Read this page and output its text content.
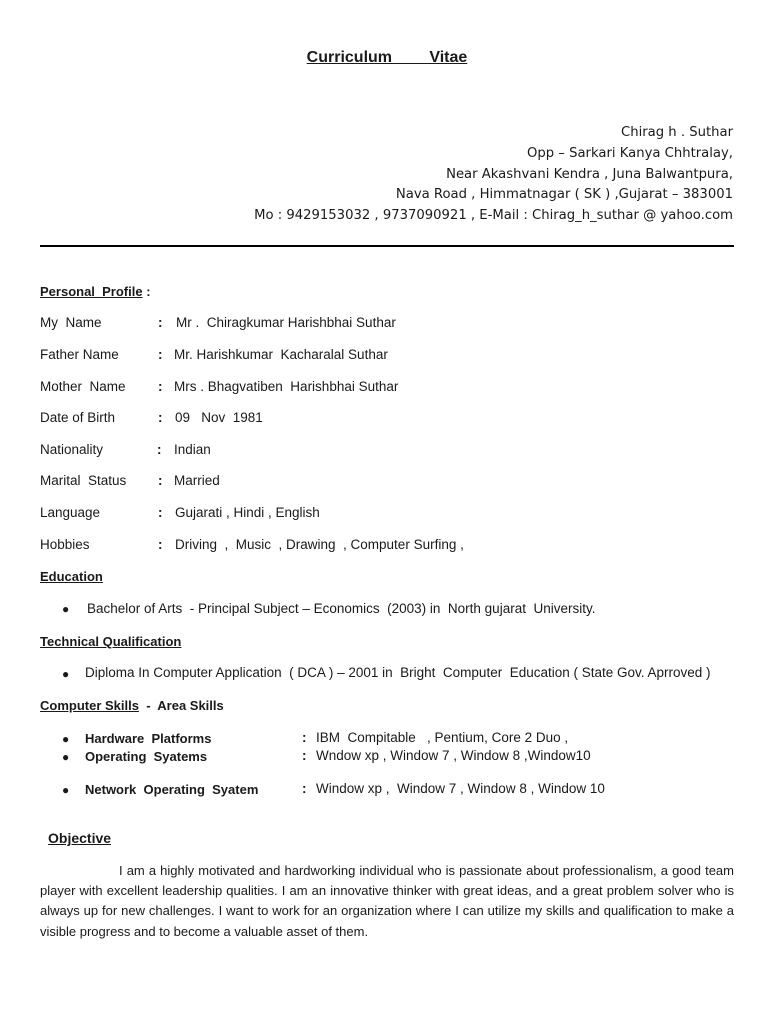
Curriculum   Vitae
Chirag h . Suthar
Opp – Sarkari Kanya Chhtralay,
Near Akashvani Kendra , Juna Balwantpura,
Nava Road , Himmatnagar ( SK ) ,Gujarat – 383001
Mo : 9429153032 , 9737090921 , E-Mail : Chirag_h_suthar @ yahoo.com
Personal  Profile :
My  Name	: Mr .  Chiragkumar Harishbhai Suthar
Father Name	: Mr. Harishkumar  Kacharalal Suthar
Mother  Name : Mrs . Bhagvatiben  Harishbhai Suthar
Date of Birth	: 09   Nov  1981
Nationality	: Indian
Marital  Status : Married
Language	: Gujarati , Hindi , English
Hobbies	: Driving  ,  Music  , Drawing  , Computer Surfing ,
Education
● Bachelor of Arts  - Principal Subject – Economics  (2003) in  North gujarat  University.
Technical Qualification
● Diploma In Computer Application  ( DCA ) – 2001 in  Bright  Computer  Education ( State Gov. Aprroved )
Computer Skills  -  Area Skills
● Hardware  Platforms	: IBM  Compitable   , Pentium, Core 2 Duo ,
● Operating  Syatems	: Wndow xp , Window 7 , Window 8 ,Window10
● Network  Operating  Syatem	: Window xp ,  Window 7 , Window 8 , Window 10
Objective
I am a highly motivated and hardworking individual who is passionate about professionalism, a good team player with excellent leadership qualities. I am an innovative thinker with great ideas, and a great problem solver who is always up for new challenges. I want to work for an organization where I can utilize my skills and qualification to make a visible progress and to become a valuable asset of them.
